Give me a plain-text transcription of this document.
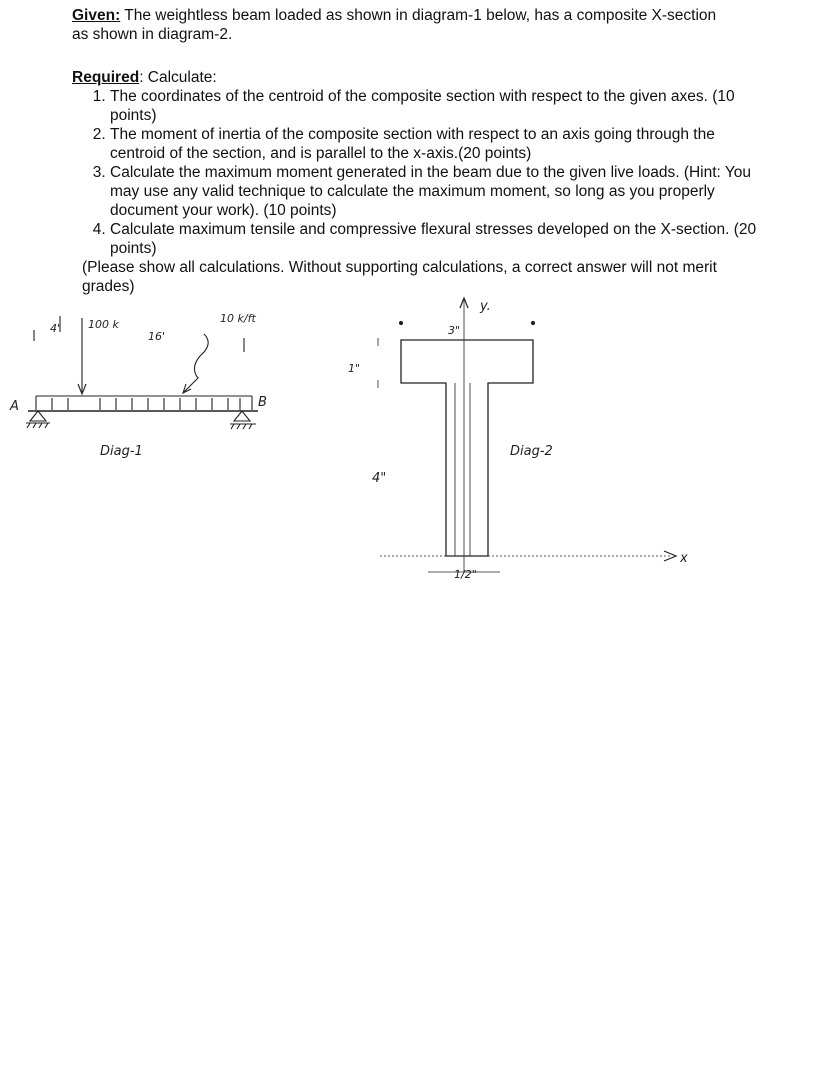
Given: The weightless beam loaded as shown in diagram-1 below, has a composite X-section as shown in diagram-2.
Required: Calculate:
1. The coordinates of the centroid of the composite section with respect to the given axes. (10 points)
2. The moment of inertia of the composite section with respect to an axis going through the centroid of the section, and is parallel to the x-axis.(20 points)
3. Calculate the maximum moment generated in the beam due to the given live loads. (Hint: You may use any valid technique to calculate the maximum moment, so long as you properly document your work). (10 points)
4. Calculate maximum tensile and compressive flexural stresses developed on the X-section. (20 points)
(Please show all calculations. Without supporting calculations, a correct answer will not merit grades)
4'	100 k
16'
10 k/ft
A	B
Diag-1
y.
3"
1"
4"
x
1/2"
Diag-2
